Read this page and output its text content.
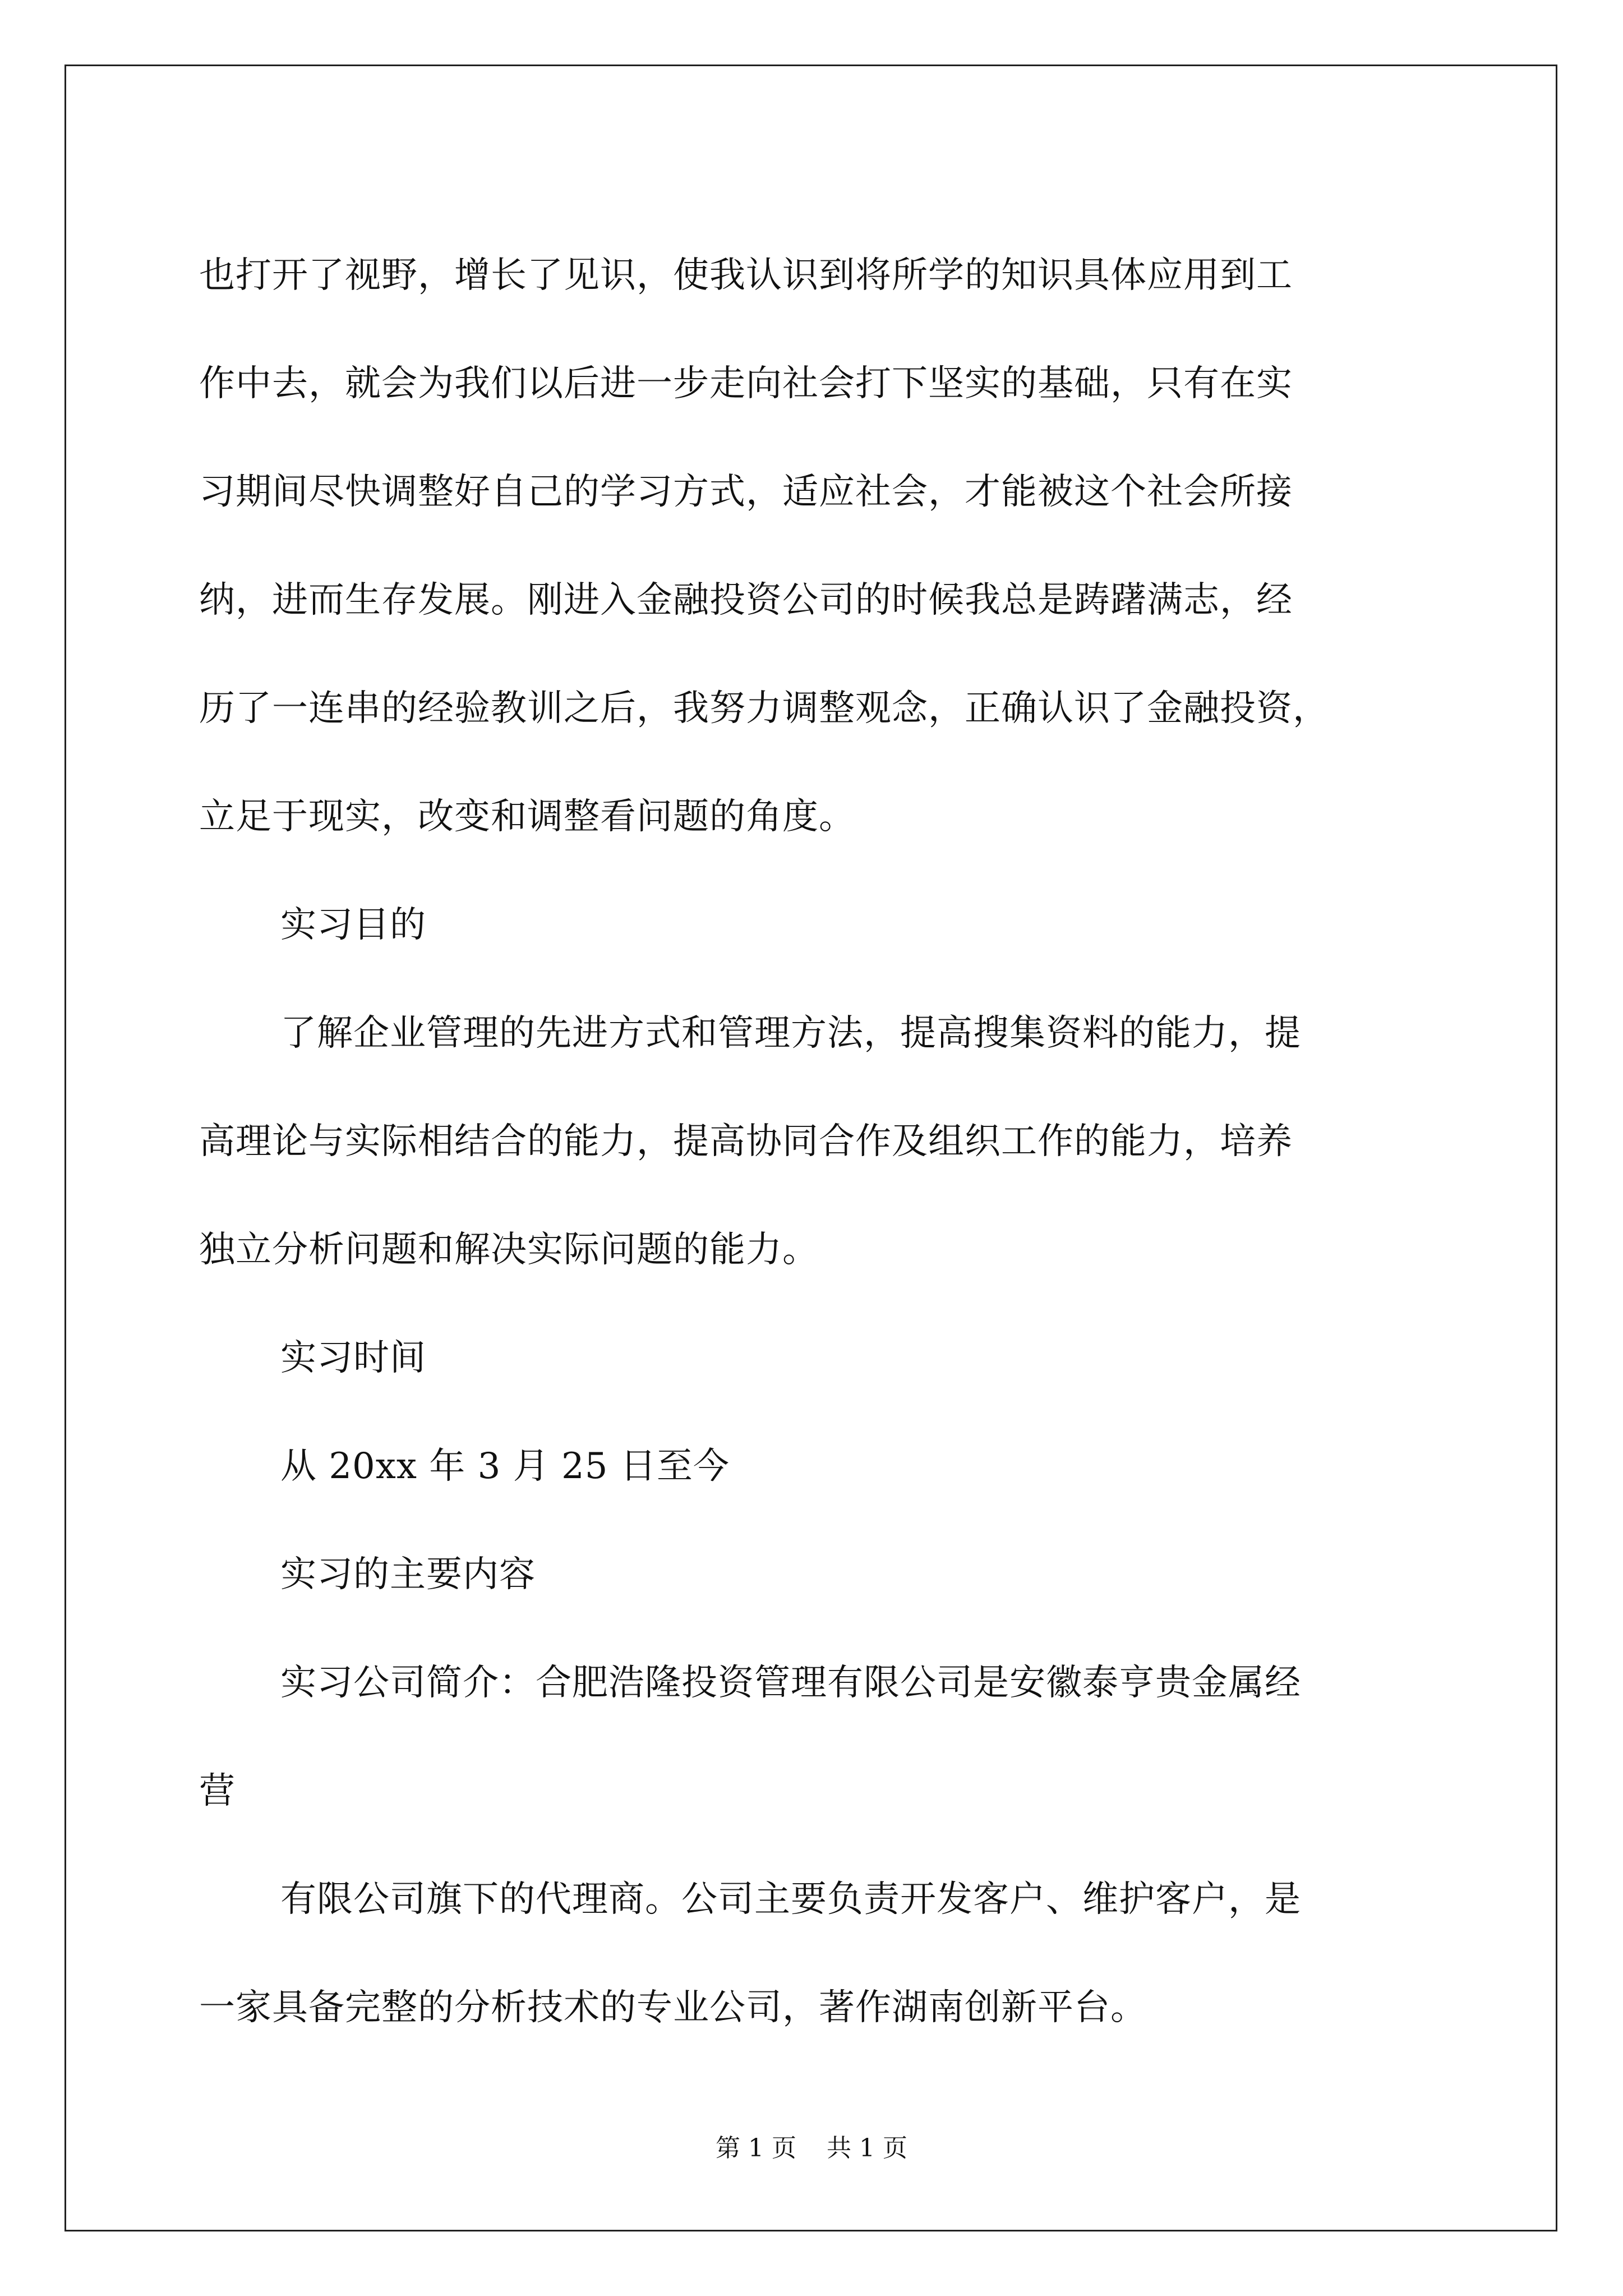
也打开了视野，增长了见识，使我认识到将所学的知识具体应用到工
作中去，就会为我们以后进一步走向社会打下坚实的基础，只有在实
习期间尽快调整好自己的学习方式，适应社会，才能被这个社会所接
纳，进而生存发展。刚进入金融投资公司的时候我总是踌躇满志，经
历了一连串的经验教训之后，我努力调整观念，正确认识了金融投资，
立足于现实，改变和调整看问题的角度。
实习目的
了解企业管理的先进方式和管理方法，提高搜集资料的能力，提
高理论与实际相结合的能力，提高协同合作及组织工作的能力，培养
独立分析问题和解决实际问题的能力。
实习时间
从 20xx 年 3 月 25 日至今
实习的主要内容
实习公司简介：合肥浩隆投资管理有限公司是安徽泰亨贵金属经
营
有限公司旗下的代理商。公司主要负责开发客户、维护客户，是
一家具备完整的分析技术的专业公司，著作湖南创新平台。
第 1 页 共 1 页
